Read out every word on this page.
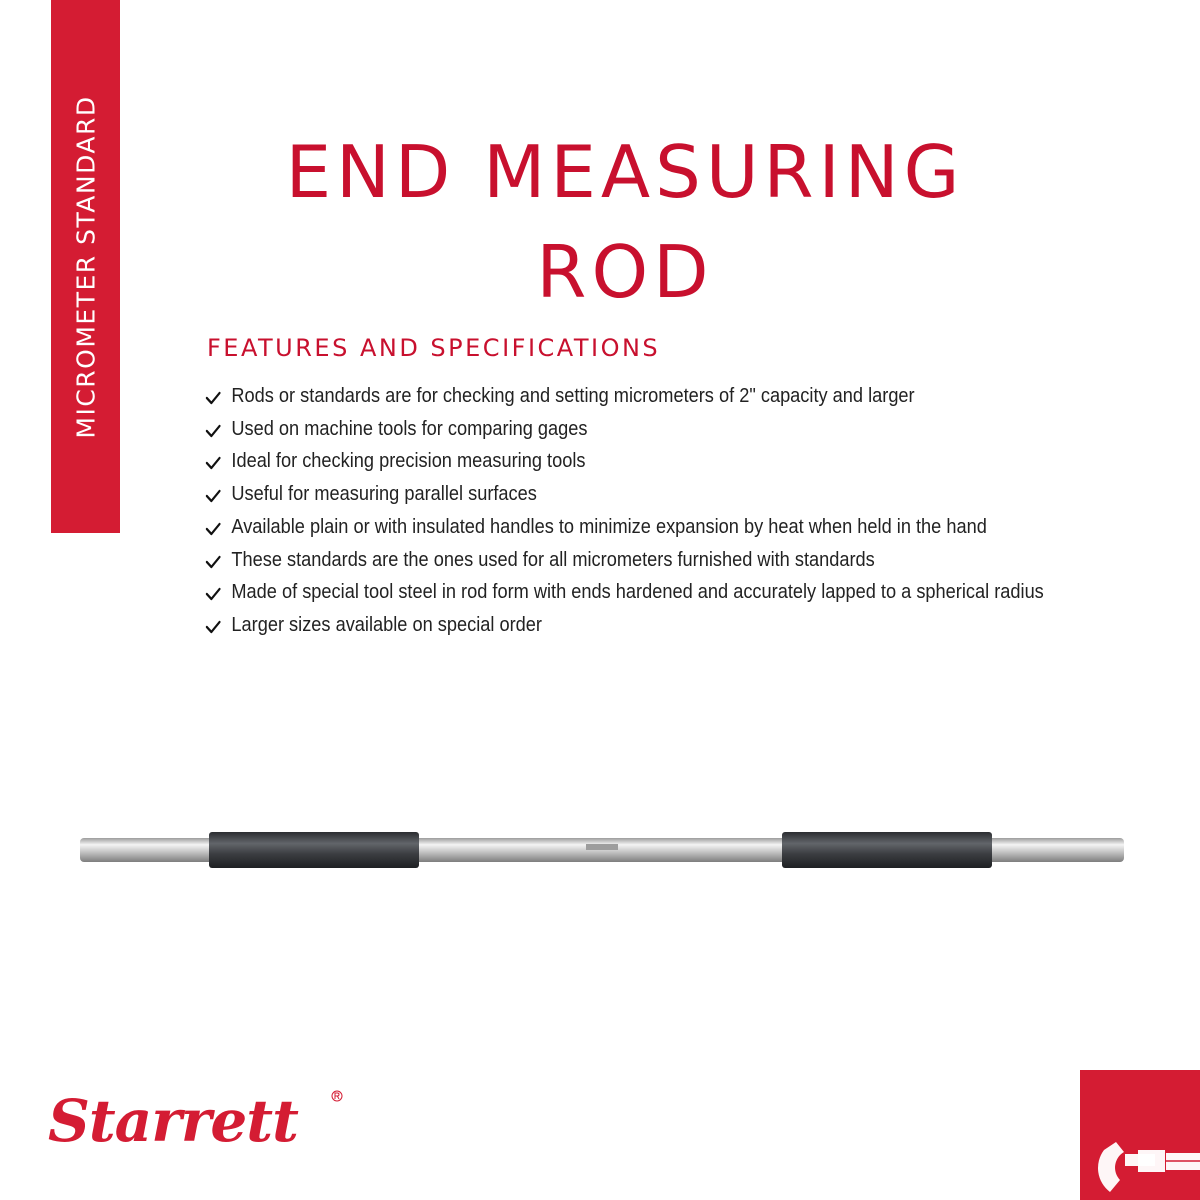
MICROMETER STANDARD	END MEASURING
ROD
FEATURES AND SPECIFICATIONS
Rods or standards are for checking and setting micrometers of 2" capacity and larger
Used on machine tools for comparing gages
Ideal for checking precision measuring tools
Useful for measuring parallel surfaces
Available plain or with insulated handles to minimize expansion by heat when held in the hand
These standards are the ones used for all micrometers furnished with standards
Made of special tool steel in rod form with ends hardened and accurately lapped to a spherical radius
Larger sizes available on special order
Starrett
